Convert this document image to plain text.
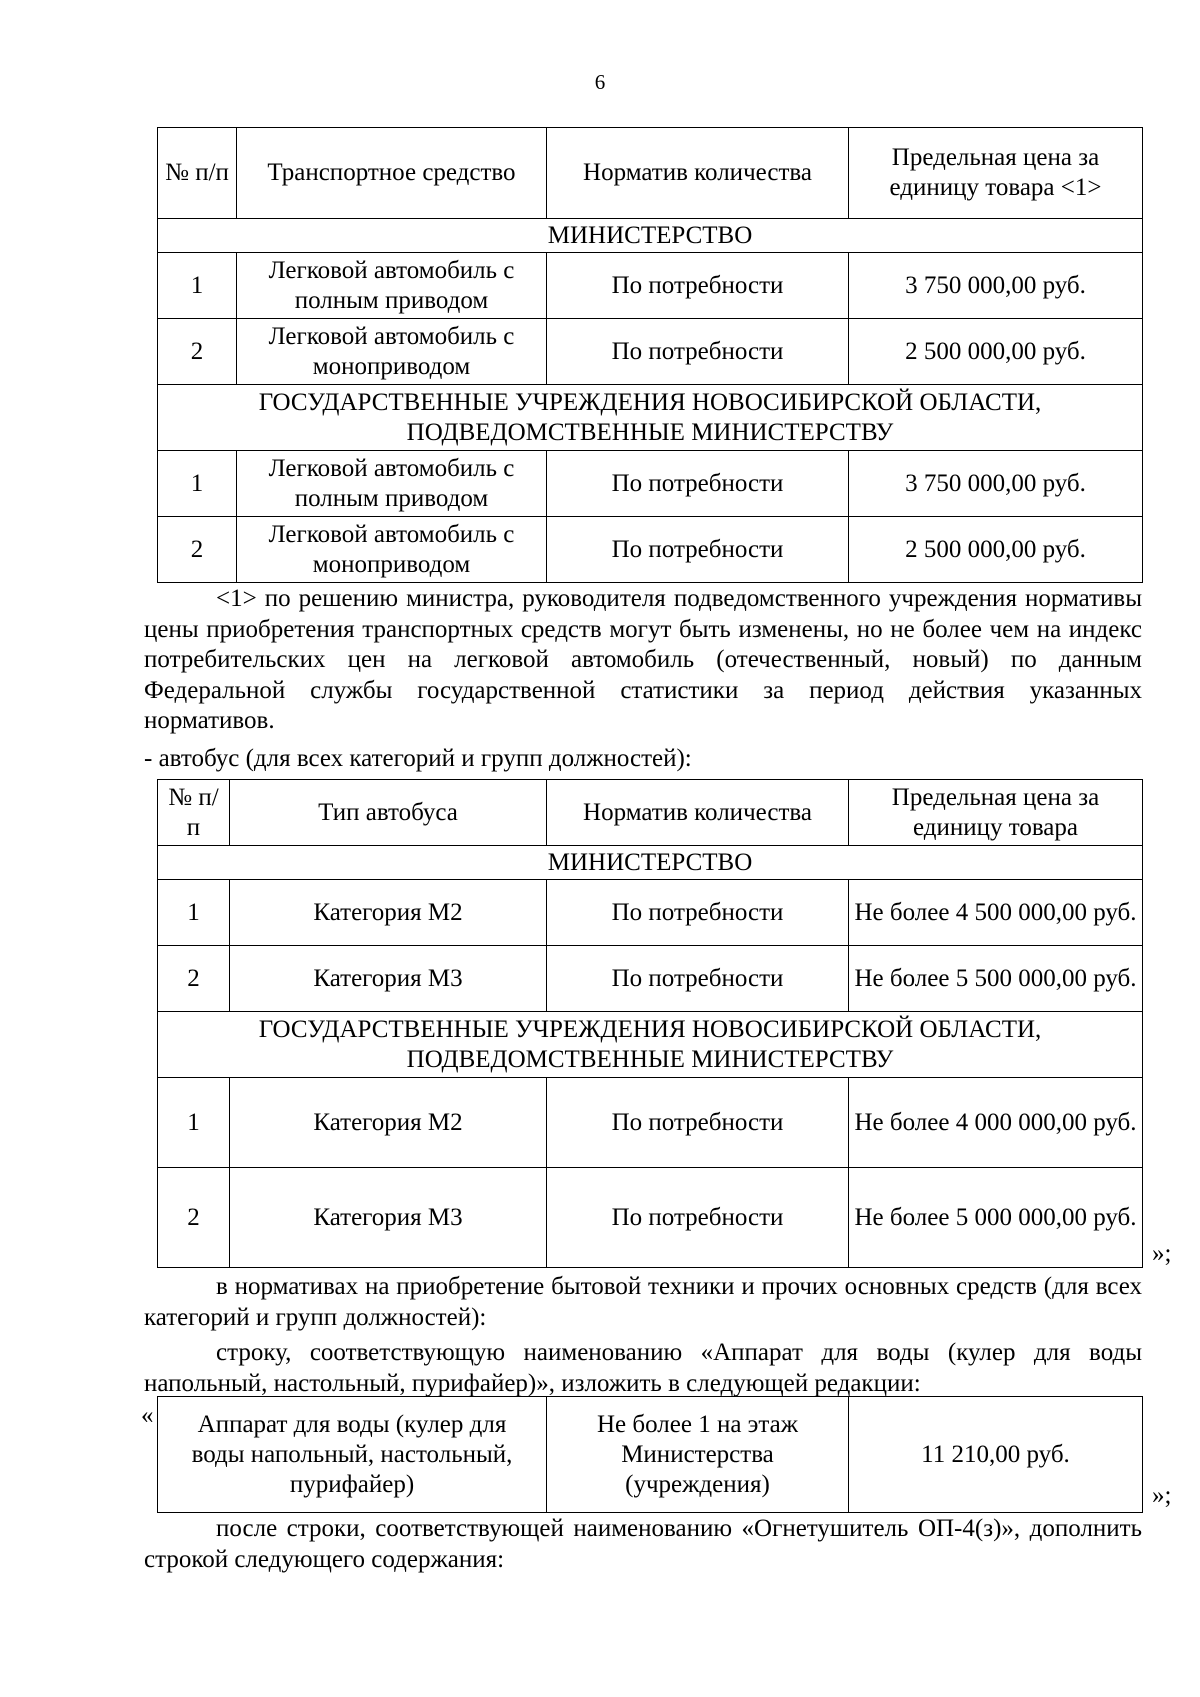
6
№ п/п	Транспортное средство	Норматив количества	Предельная цена за единицу товара <1>
МИНИСТЕРСТВО			
1	Легковой автомобиль с полным приводом	По потребности	3 750 000,00 руб.
2	Легковой автомобиль с моноприводом	По потребности	2 500 000,00 руб.
ГОСУДАРСТВЕННЫЕ УЧРЕЖДЕНИЯ НОВОСИБИРСКОЙ ОБЛАСТИ, ПОДВЕДОМСТВЕННЫЕ МИНИСТЕРСТВУ			
1	Легковой автомобиль с полным приводом	По потребности	3 750 000,00 руб.
2	Легковой автомобиль с моноприводом	По потребности	2 500 000,00 руб.
<1> по решению министра, руководителя подведомственного учреждения нормативы цены приобретения транспортных средств могут быть изменены, но не более чем на индекс потребительских цен на легковой автомобиль (отечественный, новый) по данным Федеральной службы государственной статистики за период действия указанных нормативов.
- автобус (для всех категорий и групп должностей):
№ п/п	Тип автобуса	Норматив количества	Предельная цена за единицу товара
МИНИСТЕРСТВО			
1	Категория М2	По потребности	Не более 4 500 000,00 руб.
2	Категория М3	По потребности	Не более 5 500 000,00 руб.
ГОСУДАРСТВЕННЫЕ УЧРЕЖДЕНИЯ НОВОСИБИРСКОЙ ОБЛАСТИ, ПОДВЕДОМСТВЕННЫЕ МИНИСТЕРСТВУ			
1	Категория М2	По потребности	Не более 4 000 000,00 руб.
2	Категория М3	По потребности	Не более 5 000 000,00 руб.
»;
в нормативах на приобретение бытовой техники и прочих основных средств (для всех категорий и групп должностей):
строку, соответствующую наименованию «Аппарат для воды (кулер для воды напольный, настольный, пурифайер)», изложить в следующей редакции:
« Аппарат для воды (кулер для воды напольный, настольный, пурифайер)	Не более 1 на этаж Министерства (учреждения)	11 210,00 руб.
»;
после строки, соответствующей наименованию «Огнетушитель ОП-4(з)», дополнить строкой следующего содержания:
